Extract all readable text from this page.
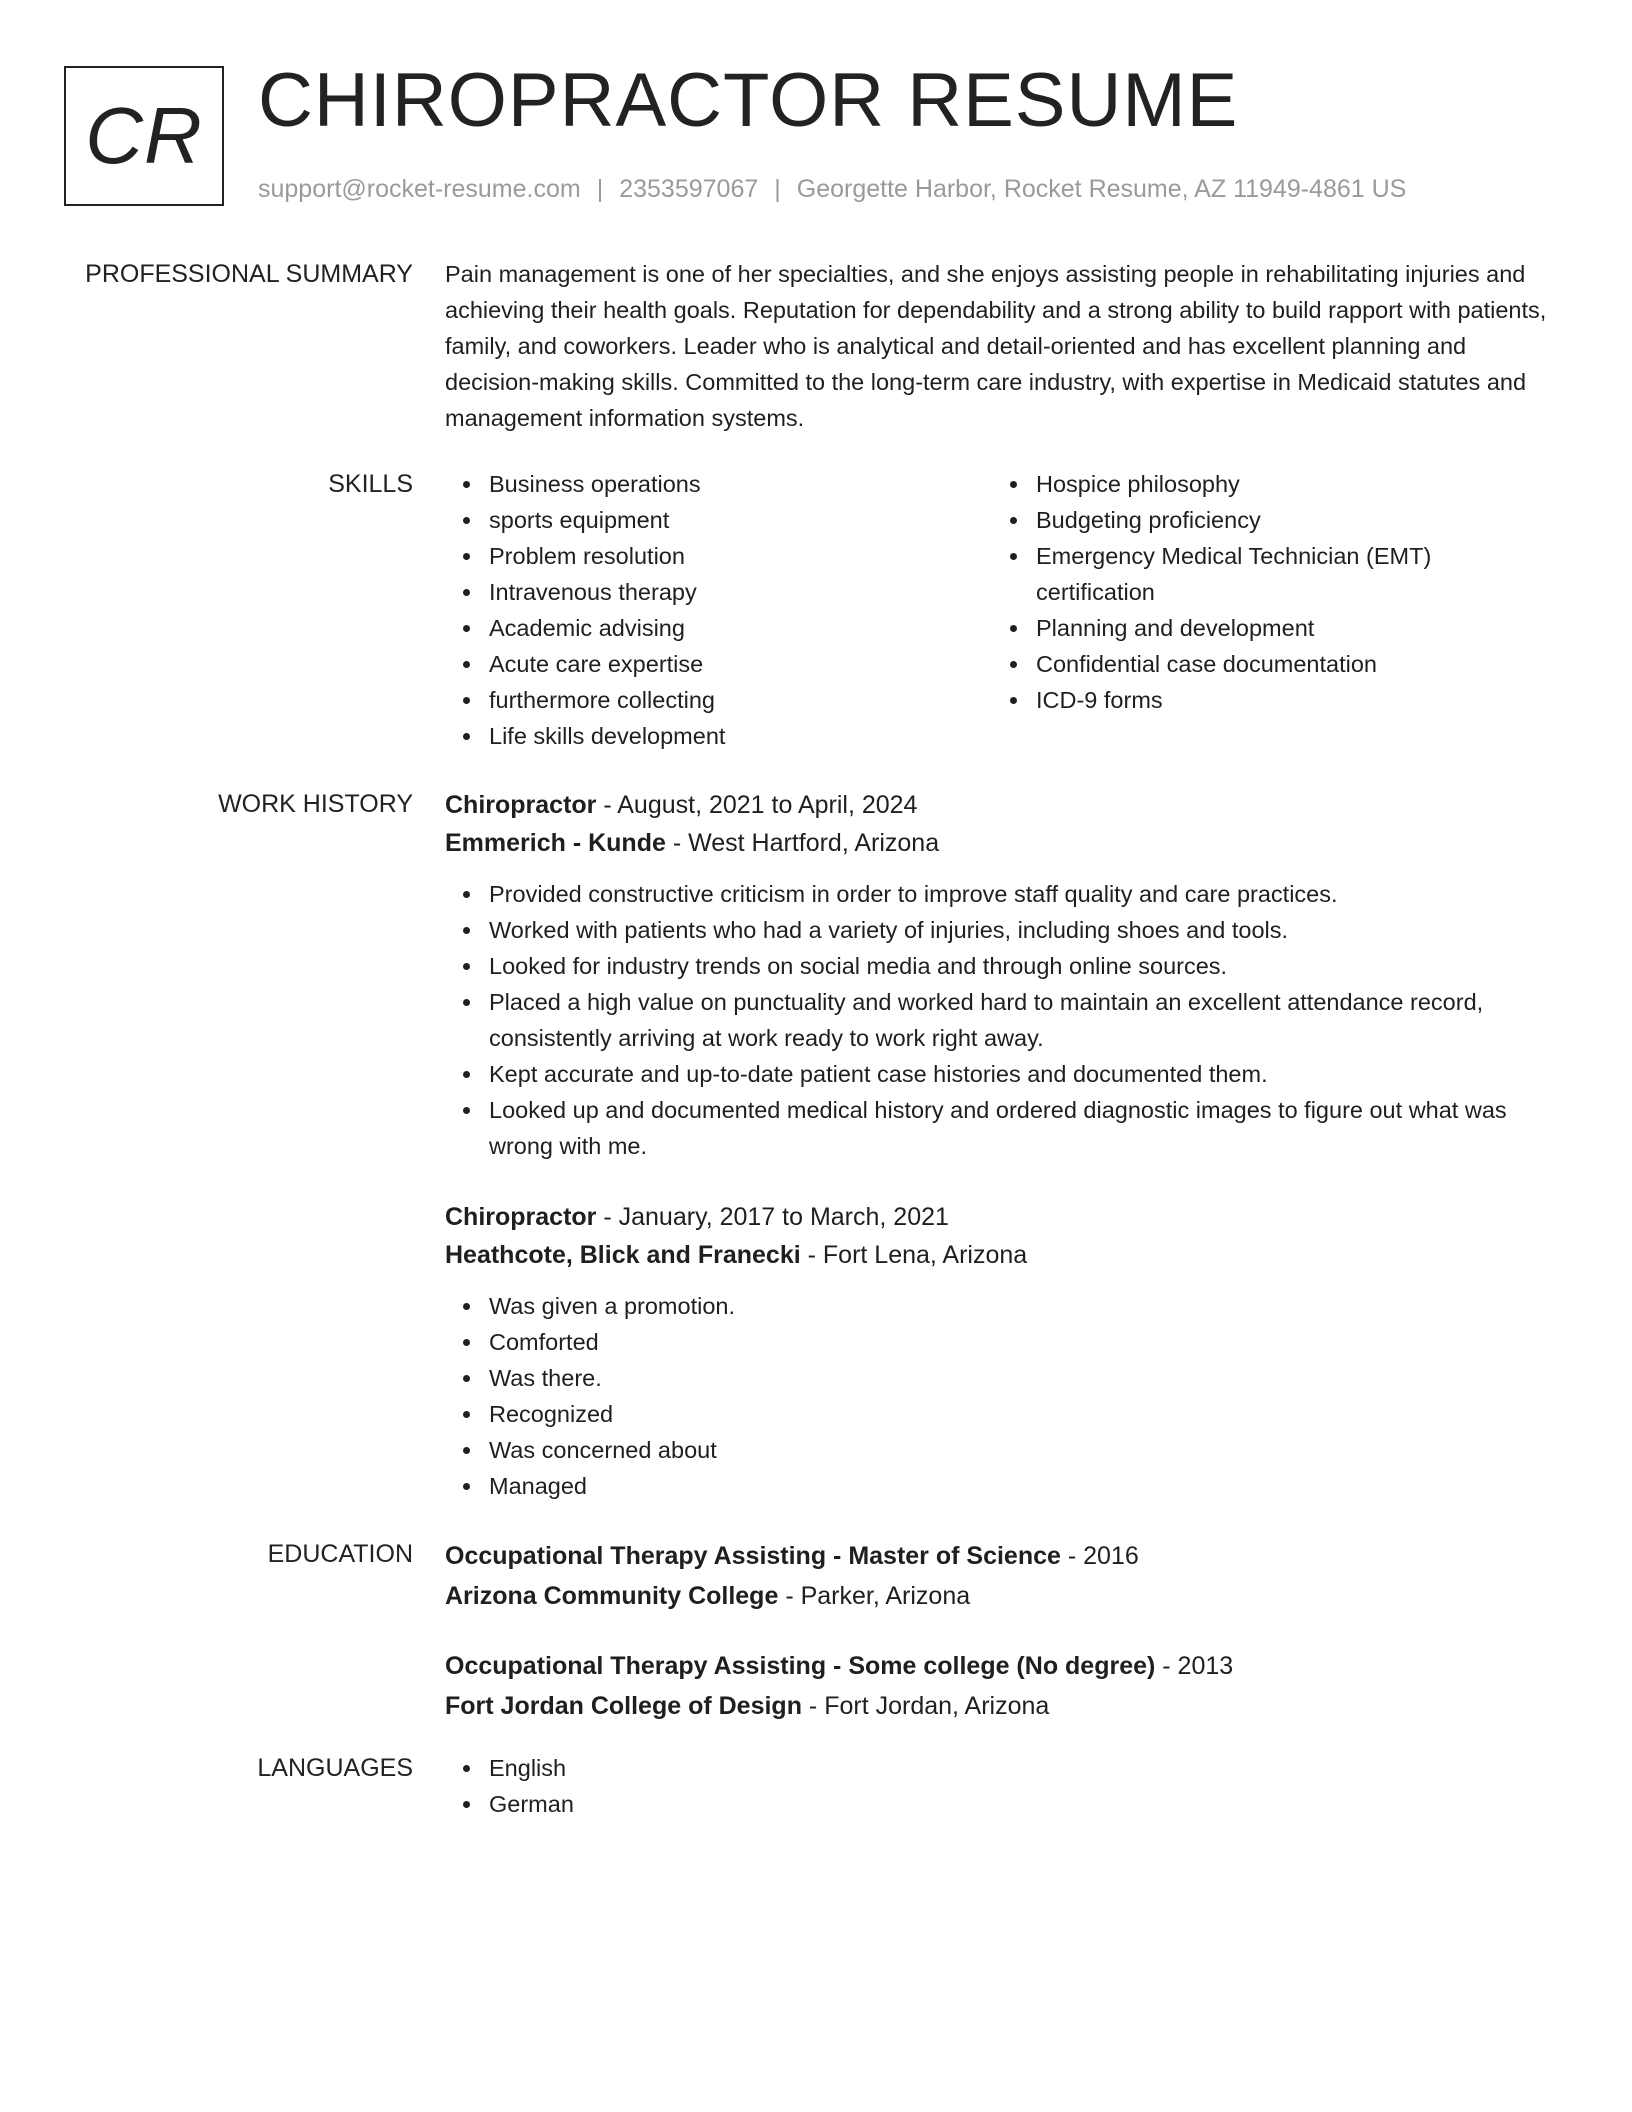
CR CHIROPRACTOR RESUME
support@rocket-resume.com | 2353597067 | Georgette Harbor, Rocket Resume, AZ 11949-4861 US
PROFESSIONAL SUMMARY Pain management is one of her specialties, and she enjoys assisting people in rehabilitating injuries and achieving their health goals. Reputation for dependability and a strong ability to build rapport with patients, family, and coworkers. Leader who is analytical and detail-oriented and has excellent planning and decision-making skills. Committed to the long-term care industry, with expertise in Medicaid statutes and management information systems.

SKILLS	Business operations
sports equipment
Problem resolution
Intravenous therapy
Academic advising
Acute care expertise
furthermore collecting
Life skills development
Hospice philosophy
Budgeting proficiency
Emergency Medical Technician (EMT) certification
Planning and development
Confidential case documentation
ICD-9 forms
WORK HISTORY Chiropractor - August, 2021 to April, 2024
Emmerich - Kunde - West Hartford, Arizona
Provided constructive criticism in order to improve staff quality and care practices.
Worked with patients who had a variety of injuries, including shoes and tools.
Looked for industry trends on social media and through online sources.
Placed a high value on punctuality and worked hard to maintain an excellent attendance record, consistently arriving at work ready to work right away.
Kept accurate and up-to-date patient case histories and documented them.
Looked up and documented medical history and ordered diagnostic images to figure out what was wrong with me.
Chiropractor - January, 2017 to March, 2021
Heathcote, Blick and Franecki - Fort Lena, Arizona
Was given a promotion.
Comforted
Was there.
Recognized
Was concerned about
Managed
EDUCATION Occupational Therapy Assisting - Master of Science - 2016
Arizona Community College - Parker, Arizona
Occupational Therapy Assisting - Some college (No degree) - 2013
Fort Jordan College of Design - Fort Jordan, Arizona
LANGUAGES	English
German
